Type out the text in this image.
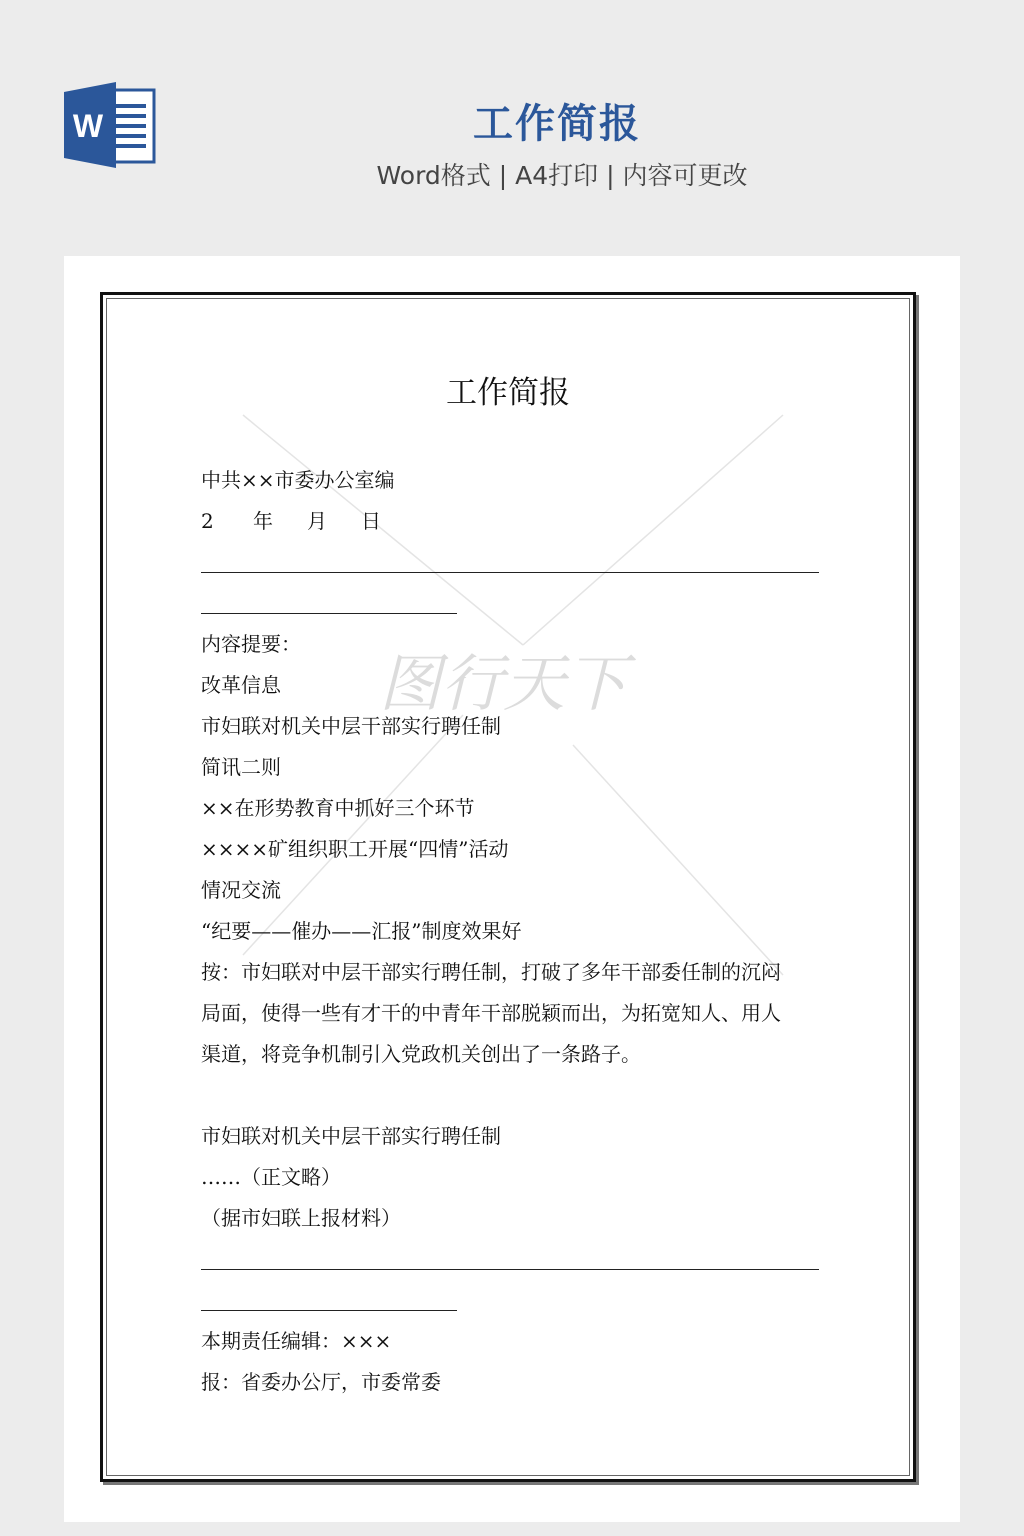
W	工作简报
Word格式 | A4打印 | 内容可更改
图行天下
工作简报
中共××市委办公室编
2 年 月 日
内容提要：
改革信息
市妇联对机关中层干部实行聘任制
简讯二则
××在形势教育中抓好三个环节
××××矿组织职工开展“四情”活动
情况交流
“纪要——催办——汇报”制度效果好
按：市妇联对中层干部实行聘任制，打破了多年干部委任制的沉闷
局面，使得一些有才干的中青年干部脱颖而出，为拓宽知人、用人
渠道，将竞争机制引入党政机关创出了一条路子。
市妇联对机关中层干部实行聘任制
……（正文略）
（据市妇联上报材料）
本期责任编辑：×××
报：省委办公厅，市委常委
